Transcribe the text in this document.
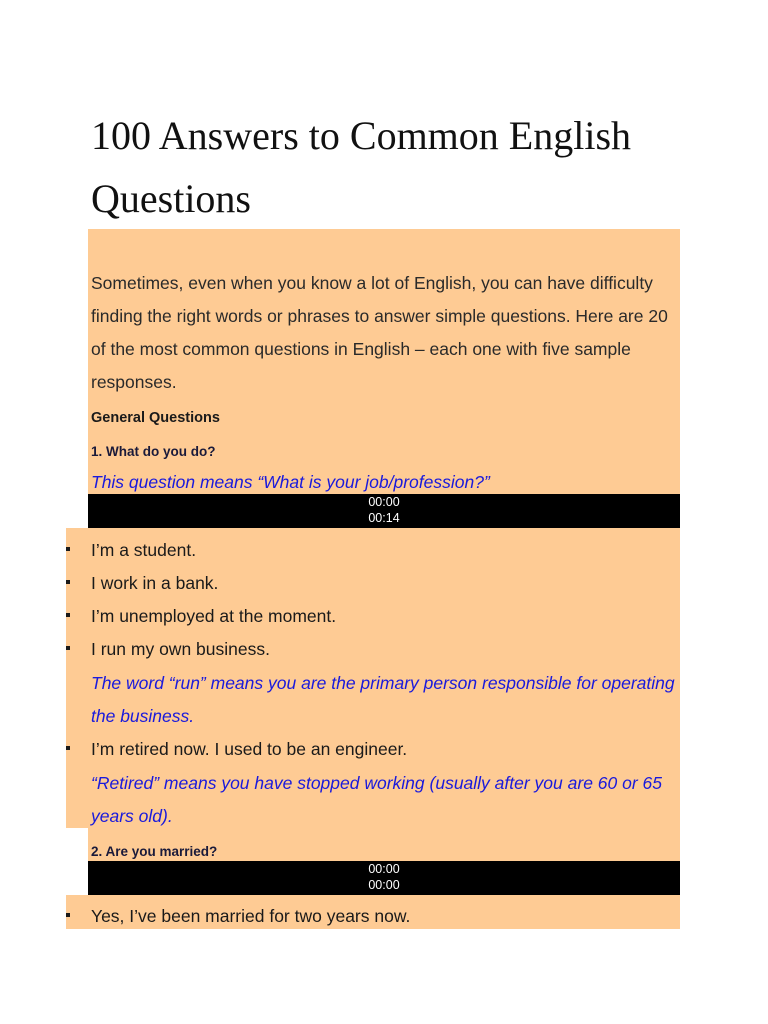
100 Answers to Common English Questions

Sometimes, even when you know a lot of English, you can have difficulty finding the right words or phrases to answer simple questions. Here are 20 of the most common questions in English – each one with five sample responses.

General Questions

1. What do you do?

This question means “What is your job/profession?”

00:00
00:14
I’m a student.
I work in a bank.
I’m unemployed at the moment.
I run my own business.

The word “run” means you are the primary person responsible for operating the business.

I’m retired now. I used to be an engineer.

“Retired” means you have stopped working (usually after you are 60 or 65 years old).

2. Are you married?

00:00
00:00
Yes, I’ve been married for two years now.
